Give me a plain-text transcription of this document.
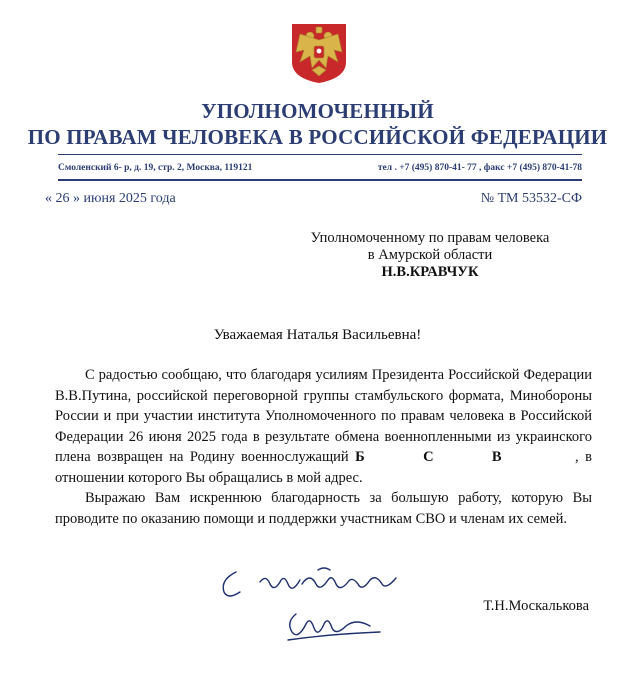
УПОЛНОМОЧЕННЫЙ
ПО ПРАВАМ ЧЕЛОВЕКА В РОССИЙСКОЙ ФЕДЕРАЦИИ
Смоленский 6- р, д. 19, стр. 2, Москва, 119121	тел . +7 (495) 870-41- 77 , факс +7 (495) 870-41-78
« 26 » июня 2025 года	№ ТМ 53532-СФ
Уполномоченному по правам человека
в Амурской области
Н.В.КРАВЧУК
Уважаемая Наталья Васильевна!

С радостью сообщаю, что благодаря усилиям Президента Российской Федерации В.В.Путина, российской переговорной группы стамбульского формата, Минобороны России и при участии института Уполномоченного по правам человека в Российской Федерации 26 июня 2025 года в результате обмена военнопленными из украинского плена возвращен на Родину военнослужащий Б         С         В	, в отношении которого Вы обращались в мой адрес.

Выражаю Вам искреннюю благодарность за большую работу, которую Вы проводите по оказанию помощи и поддержки участникам СВО и членам их семей.

Т.Н.Москалькова
